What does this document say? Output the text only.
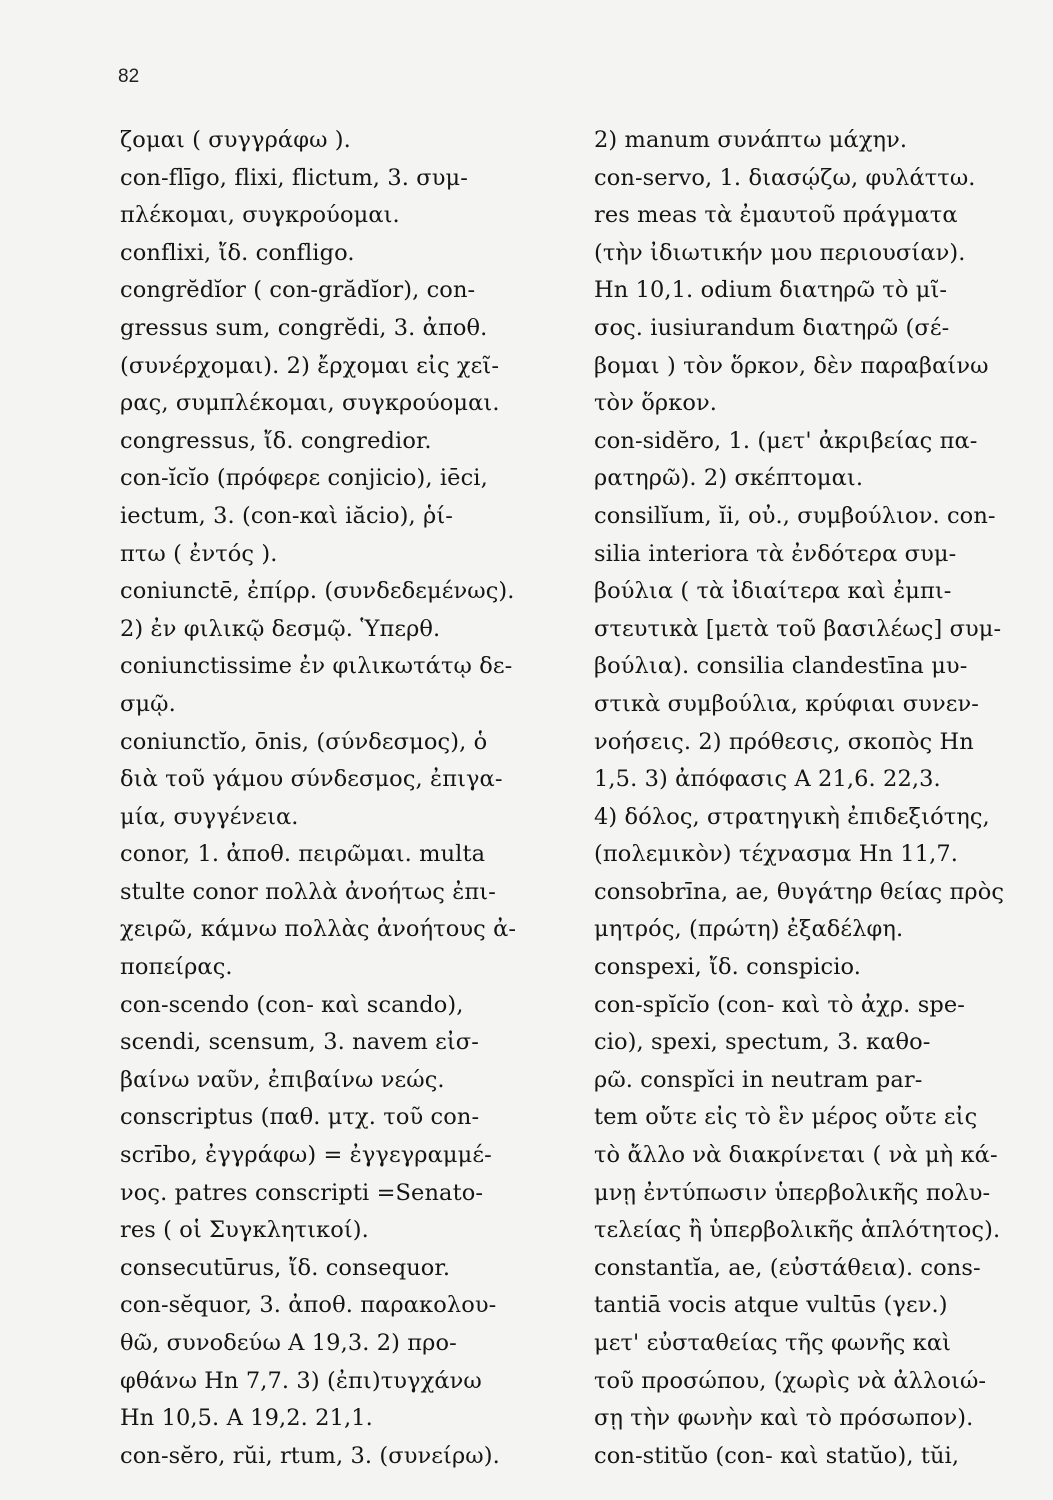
82
ζομαι ( συγγράφω ).
con-flīgo, flixi, flictum, 3. συμ-
πλέκομαι, συγκρούομαι.
conflixi, ἴδ. confligo.
congrĕdĭor ( con-grădĭor), con-
gressus sum, congrĕdi, 3. ἀποθ.
(συνέρχομαι). 2) ἔρχομαι εἰς χεῖ-
ρας, συμπλέκομαι, συγκρούομαι.
congressus, ἴδ. congredior.
con-ĭcĭo (πρόφερε conjicio), iēci,
iectum, 3. (con-καὶ iăcio), ῥί-
πτω ( ἐντός ).
coniunctē, ἐπίρρ. (συνδεδεμένως).
2) ἐν φιλικῷ δεσμῷ. Ὑπερθ.
coniunctissime ἐν φιλικωτάτῳ δε-
σμῷ.
coniunctĭo, ōnis, (σύνδεσμος), ὁ
διὰ τοῦ γάμου σύνδεσμος, ἐπιγα-
μία, συγγένεια.
conor, 1. ἀποθ. πειρῶμαι. multa
stulte conor πολλὰ ἀνοήτως ἐπι-
χειρῶ, κάμνω πολλὰς ἀνοήτους ἀ-
ποπείρας.
con-scendo (con- καὶ scando),
scendi, scensum, 3. navem εἰσ-
βαίνω ναῦν, ἐπιβαίνω νεώς.
conscriptus (παθ. μτχ. τοῦ con-
scrībo, ἐγγράφω) = ἐγγεγραμμέ-
νος. patres conscripti =Senato-
res ( οἱ Συγκλητικοί).
consecutūrus, ἴδ. consequor.
con-sĕquor, 3. ἀποθ. παρακολου-
θῶ, συνοδεύω A 19,3. 2) προ-
φθάνω Hn 7,7. 3) (ἐπι)τυγχάνω
Hn 10,5. A 19,2. 21,1.
con-sĕro, rŭi, rtum, 3. (συνείρω).
2) manum συνάπτω μάχην.
con-servo, 1. διασῴζω, φυλάττω.
res meas τὰ ἐμαυτοῦ πράγματα
(τὴν ἰδιωτικήν μου περιουσίαν).
Hn 10,1. odium διατηρῶ τὸ μῖ-
σος. iusiurandum διατηρῶ (σέ-
βομαι ) τὸν ὅρκον, δὲν παραβαίνω
τὸν ὅρκον.
con-sidĕro, 1. (μετ' ἀκριβείας πα-
ρατηρῶ). 2) σκέπτομαι.
consilĭum, ĭi, οὐ., συμβούλιον. con-
silia interiora τὰ ἐνδότερα συμ-
βούλια ( τὰ ἰδιαίτερα καὶ ἐμπι-
στευτικὰ [μετὰ τοῦ βασιλέως] συμ-
βούλια). consilia clandestīna μυ-
στικὰ συμβούλια, κρύφιαι συνεν-
νοήσεις. 2) πρόθεσις, σκοπὸς Hn
1,5. 3) ἀπόφασις A 21,6. 22,3.
4) δόλος, στρατηγικὴ ἐπιδεξιότης,
(πολεμικὸν) τέχνασμα Hn 11,7.
consobrīna, ae, θυγάτηρ θείας πρὸς
μητρός, (πρώτη) ἐξαδέλφη.
conspexi, ἴδ. conspicio.
con-spĭcĭo (con- καὶ τὸ ἀχρ. spe-
cio), spexi, spectum, 3. καθο-
ρῶ. conspĭci in neutram par-
tem οὔτε εἰς τὸ ἓν μέρος οὔτε εἰς
τὸ ἄλλο νὰ διακρίνεται ( νὰ μὴ κά-
μνῃ ἐντύπωσιν ὑπερβολικῆς πολυ-
τελείας ἢ ὑπερβολικῆς ἁπλότητος).
constantĭa, ae, (εὐστάθεια). cons-
tantiā vocis atque vultūs (γεν.)
μετ' εὐσταθείας τῆς φωνῆς καὶ
τοῦ προσώπου, (χωρὶς νὰ ἀλλοιώ-
σῃ τὴν φωνὴν καὶ τὸ πρόσωπον).
con-stitŭo (con- καὶ statŭo), tŭi,
